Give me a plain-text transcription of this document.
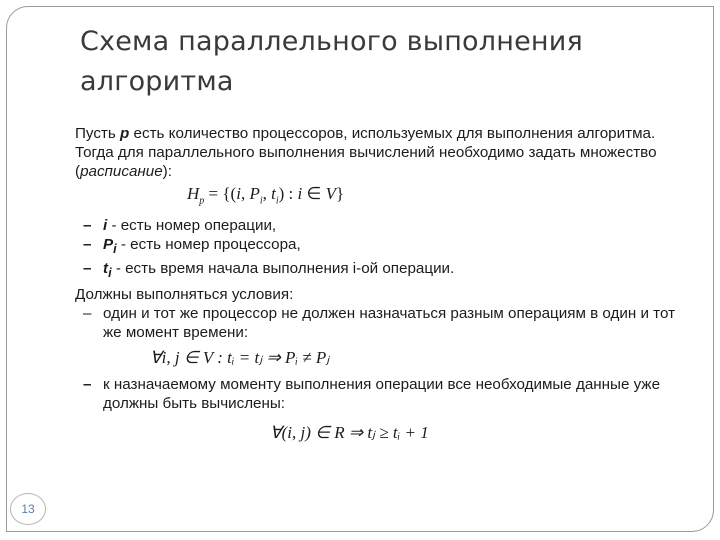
Схема параллельного выполнения алгоритма

Пусть p есть количество процессоров, используемых для выполнения алгоритма. Тогда для параллельного выполнения вычислений необходимо задать множество (расписание):

$H_p = \{(i$, $P_i$, $t_i$) : i ∈ V}
– i - есть номер операции,
– $P_i$ - есть номер процессора,
– $t_i$ - есть время начала выполнения i-ой операции.

Должны выполняться условия:

– один и тот же процессор не должен назначаться разным операциям в один и тот же момент времени:
∀i, j ∈ V : tᵢ = tⱼ ⇒ Pᵢ ≠ Pⱼ
– к назначаемому моменту выполнения операции все необходимые данные уже должны быть вычислены:
∀(i, j) ∈ R ⇒ tⱼ ≥ tᵢ + 1
13
